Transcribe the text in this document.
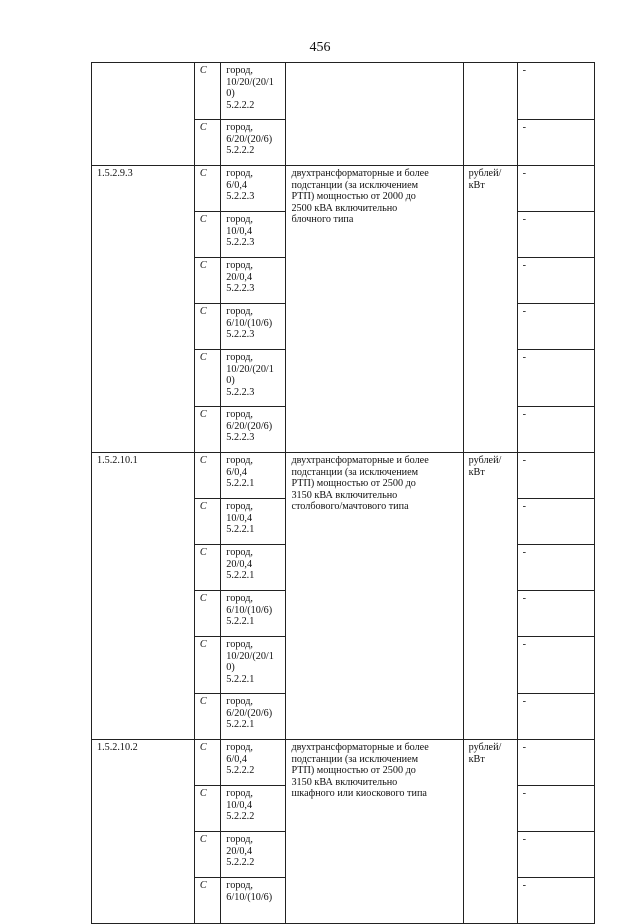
456
	C	город,
10/20/(20/1
0)
5.2.2.2			-
	C	город,
6/20/(20/6)
5.2.2.2			-
1.5.2.9.3	C	город,
6/0,4
5.2.2.3	двухтрансформаторные и более
подстанции (за исключением
РТП) мощностью от 2000 до
2500 кВА включительно
блочного типа	рублей/
кВт	-
	C	город,
10/0,4
5.2.2.3			-
	C	город,
20/0,4
5.2.2.3			-
	C	город,
6/10/(10/6)
5.2.2.3			-
	C	город,
10/20/(20/1
0)
5.2.2.3			-
	C	город,
6/20/(20/6)
5.2.2.3			-
1.5.2.10.1	C	город,
6/0,4
5.2.2.1	двухтрансформаторные и более
подстанции (за исключением
РТП) мощностью от 2500 до
3150 кВА включительно
столбового/мачтового типа	рублей/
кВт	-
	C	город,
10/0,4
5.2.2.1			-
	C	город,
20/0,4
5.2.2.1			-
	C	город,
6/10/(10/6)
5.2.2.1			-
	C	город,
10/20/(20/1
0)
5.2.2.1			-
	C	город,
6/20/(20/6)
5.2.2.1			-
1.5.2.10.2	C	город,
6/0,4
5.2.2.2	двухтрансформаторные и более
подстанции (за исключением
РТП) мощностью от 2500 до
3150 кВА включительно
шкафного или киоскового типа	рублей/
кВт	-
	C	город,
10/0,4
5.2.2.2			-
	C	город,
20/0,4
5.2.2.2			-
	C	город,
6/10/(10/6)			-
